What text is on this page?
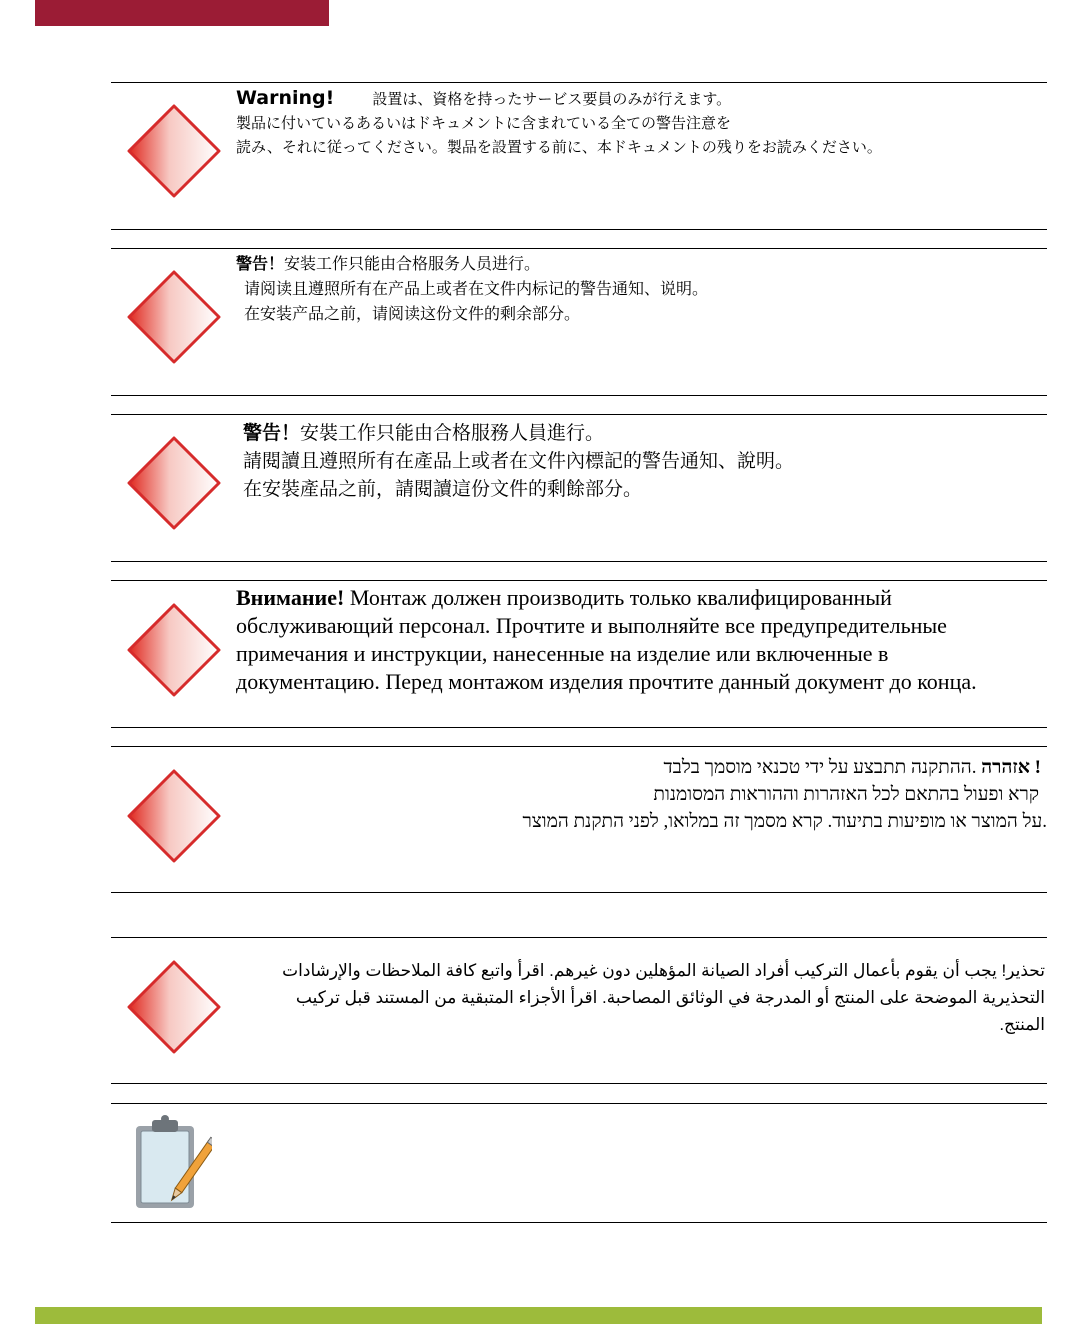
Warning!	設置は、資格を持ったサービス要員のみが行えます。
製品に付いているあるいはドキュメントに含まれている全ての警告注意を
読み、それに従ってください。製品を設置する前に、本ドキュメントの残りをお読みください。
警告！安装工作只能由合格服务人员进行。
请阅读且遵照所有在产品上或者在文件内标记的警告通知、说明。
在安装产品之前，请阅读这份文件的剩余部分。
警告！安裝工作只能由合格服務人員進行。
請閱讀且遵照所有在產品上或者在文件內標記的警告通知、說明。
在安裝產品之前，請閱讀這份文件的剩餘部分。
Внимание! Монтаж должен производить только квалифицированный
обслуживающий персонал. Прочтите и выполняйте все предупредительные
примечания и инструкции, нанесенные на изделие или включенные в
документацию. Перед монтажом изделия прочтите данный документ до конца.
דבלב ךמסומ יאנכט ידי לע עצבתת הנקתהה. הרהזא !
תונמוסמה תוארוההו תורהזאה לכל םאתהב לועפו ארק
רצומה תנקתה ינפל ,ואולמב הז ךמסמ ארק .דועיתב תועיפומ וא רצומה לע.
تحذير! يجب أن يقوم بأعمال التركيب أفراد الصيانة المؤهلين دون غيرهم. اقرأ واتبع كافة الملاحظات والإرشادات
التحذيرية الموضحة على المنتج أو المدرجة في الوثائق المصاحبة. اقرأ الأجزاء المتبقية من المستند قبل تركيب
المنتج.
